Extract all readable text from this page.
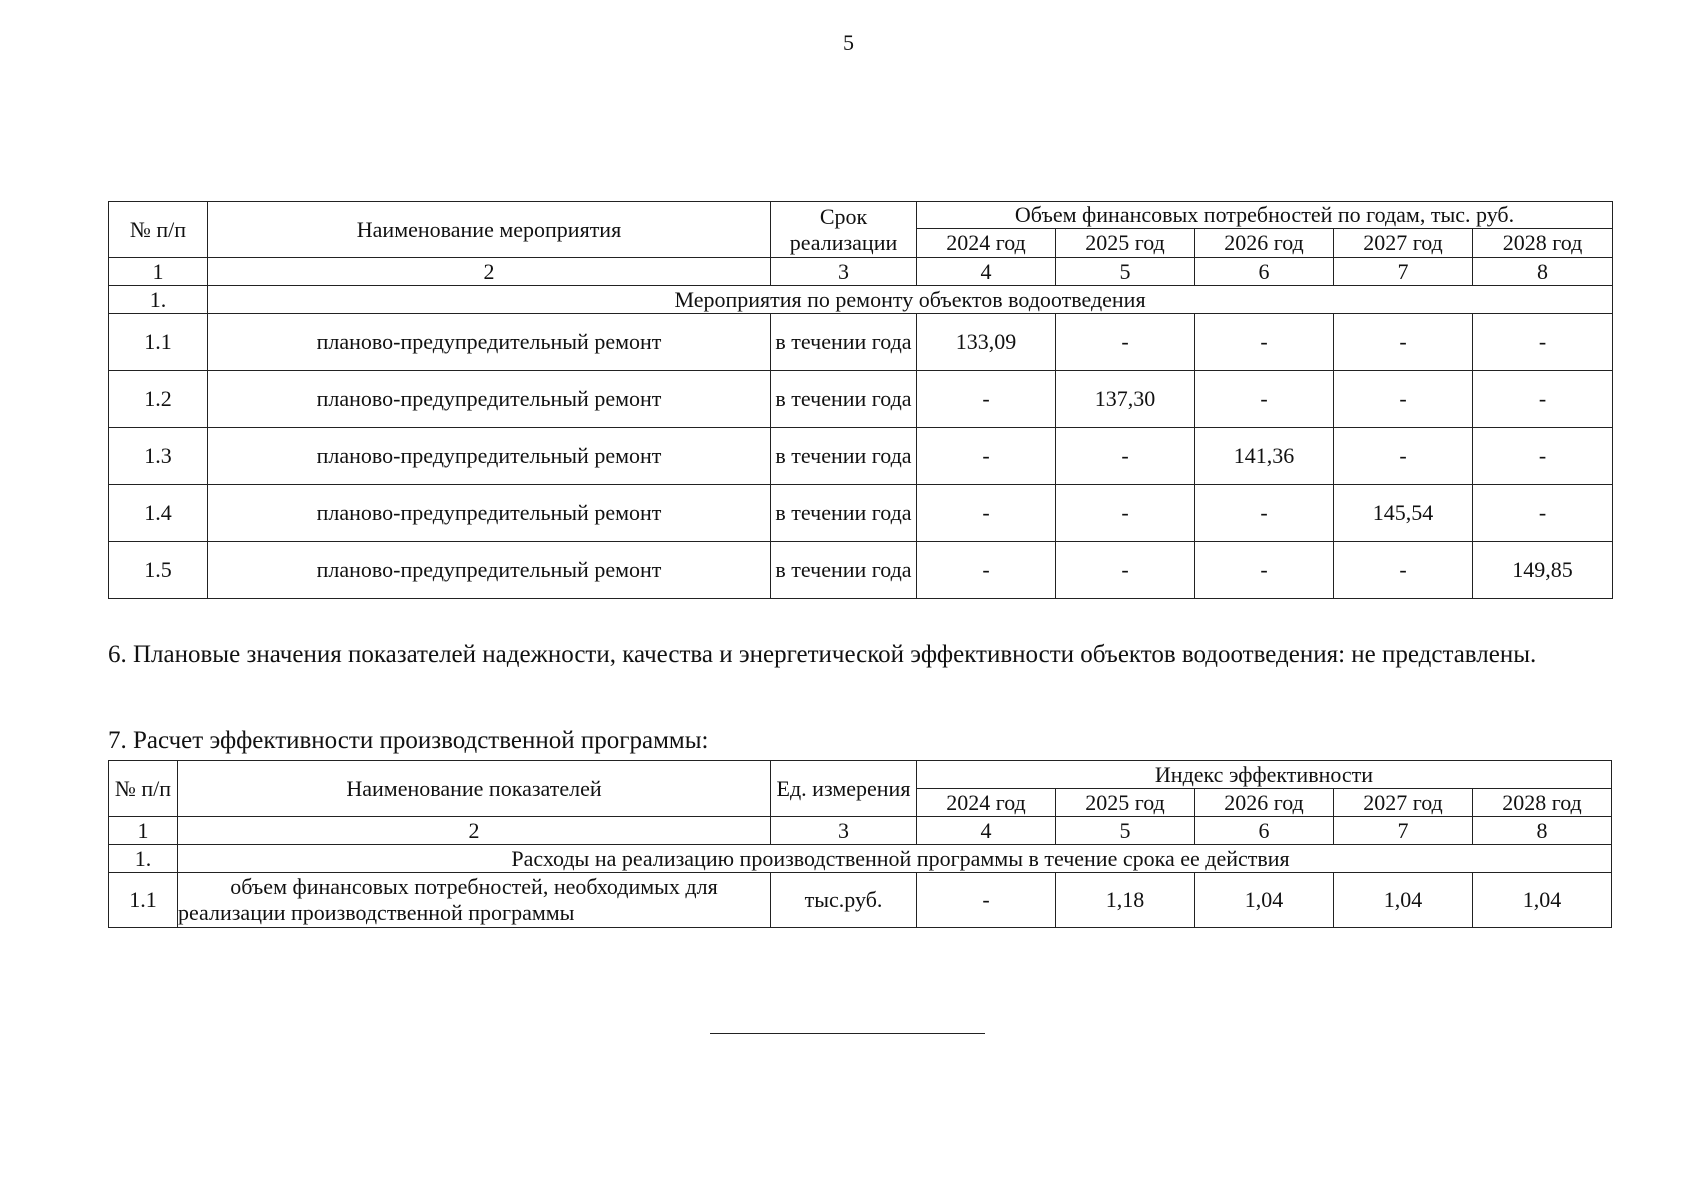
5
№ п/п	Наименование мероприятия	Срок реализации	Объем финансовых потребностей по годам, тыс. руб.				
			2024 год	2025 год	2026 год	2027 год	2028 год
1	2	3	4	5	6	7	8
1.	Мероприятия по ремонту объектов водоотведения						
1.1	планово-предупредительный ремонт	в течении года	133,09	-	-	-	-
1.2	планово-предупредительный ремонт	в течении года	-	137,30	-	-	-
1.3	планово-предупредительный ремонт	в течении года	-	-	141,36	-	-
1.4	планово-предупредительный ремонт	в течении года	-	-	-	145,54	-
1.5	планово-предупредительный ремонт	в течении года	-	-	-	-	149,85
6. Плановые значения показателей надежности, качества и энергетической эффективности объектов водоотведения: не представлены.
7. Расчет эффективности производственной программы:
№ п/п	Наименование показателей	Ед. измерения	Индекс эффективности				
			2024 год	2025 год	2026 год	2027 год	2028 год
1	2	3	4	5	6	7	8
1.	Расходы на реализацию производственной программы в течение срока ее действия						
1.1	объем финансовых потребностей, необходимых для реализации производственной программы	тыс.руб.	-	1,18	1,04	1,04	1,04
